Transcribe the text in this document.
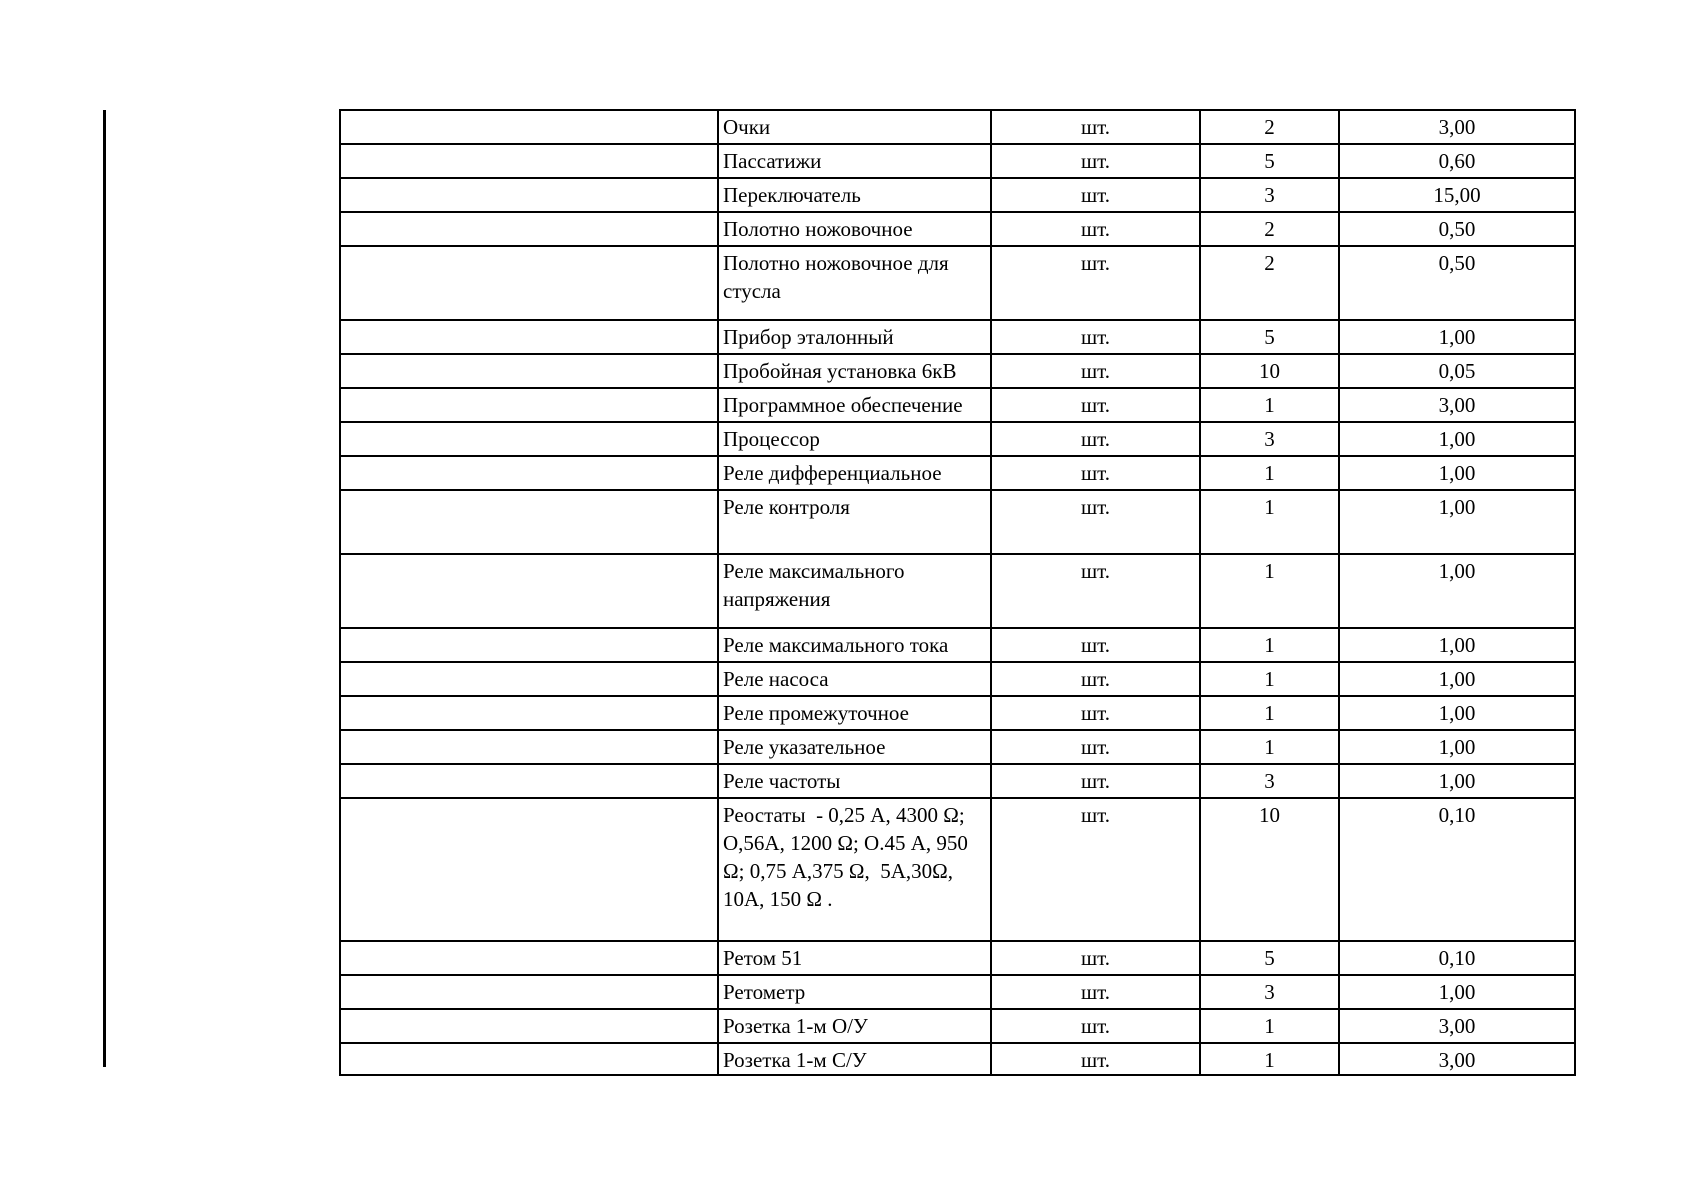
	Очки	шт.	2	3,00
	Пассатижи	шт.	5	0,60
	Переключатель	шт.	3	15,00
	Полотно ножовочное	шт.	2	0,50
	Полотно ножовочное для стусла	шт.	2	0,50
	Прибор эталонный	шт.	5	1,00
	Пробойная установка 6кВ	шт.	10	0,05
	Программное обеспечение	шт.	1	3,00
	Процессор	шт.	3	1,00
	Реле дифференциальное	шт.	1	1,00
	Реле контроля	шт.	1	1,00
	Реле максимального напряжения	шт.	1	1,00
	Реле максимального тока	шт.	1	1,00
	Реле насоса	шт.	1	1,00
	Реле промежуточное	шт.	1	1,00
	Реле указательное	шт.	1	1,00
	Реле частоты	шт.	3	1,00
	Реостаты  - 0,25 А, 4300 Ω; O,56A, 1200 Ω; O.45 А, 950 Ω; 0,75 А,375 Ω,  5А,30Ω, 10А, 150 Ω .	шт.	10	0,10
	Ретом 51	шт.	5	0,10
	Ретометр	шт.	3	1,00
	Розетка 1-м О/У	шт.	1	3,00
	Розетка 1-м С/У	шт.	1	3,00
